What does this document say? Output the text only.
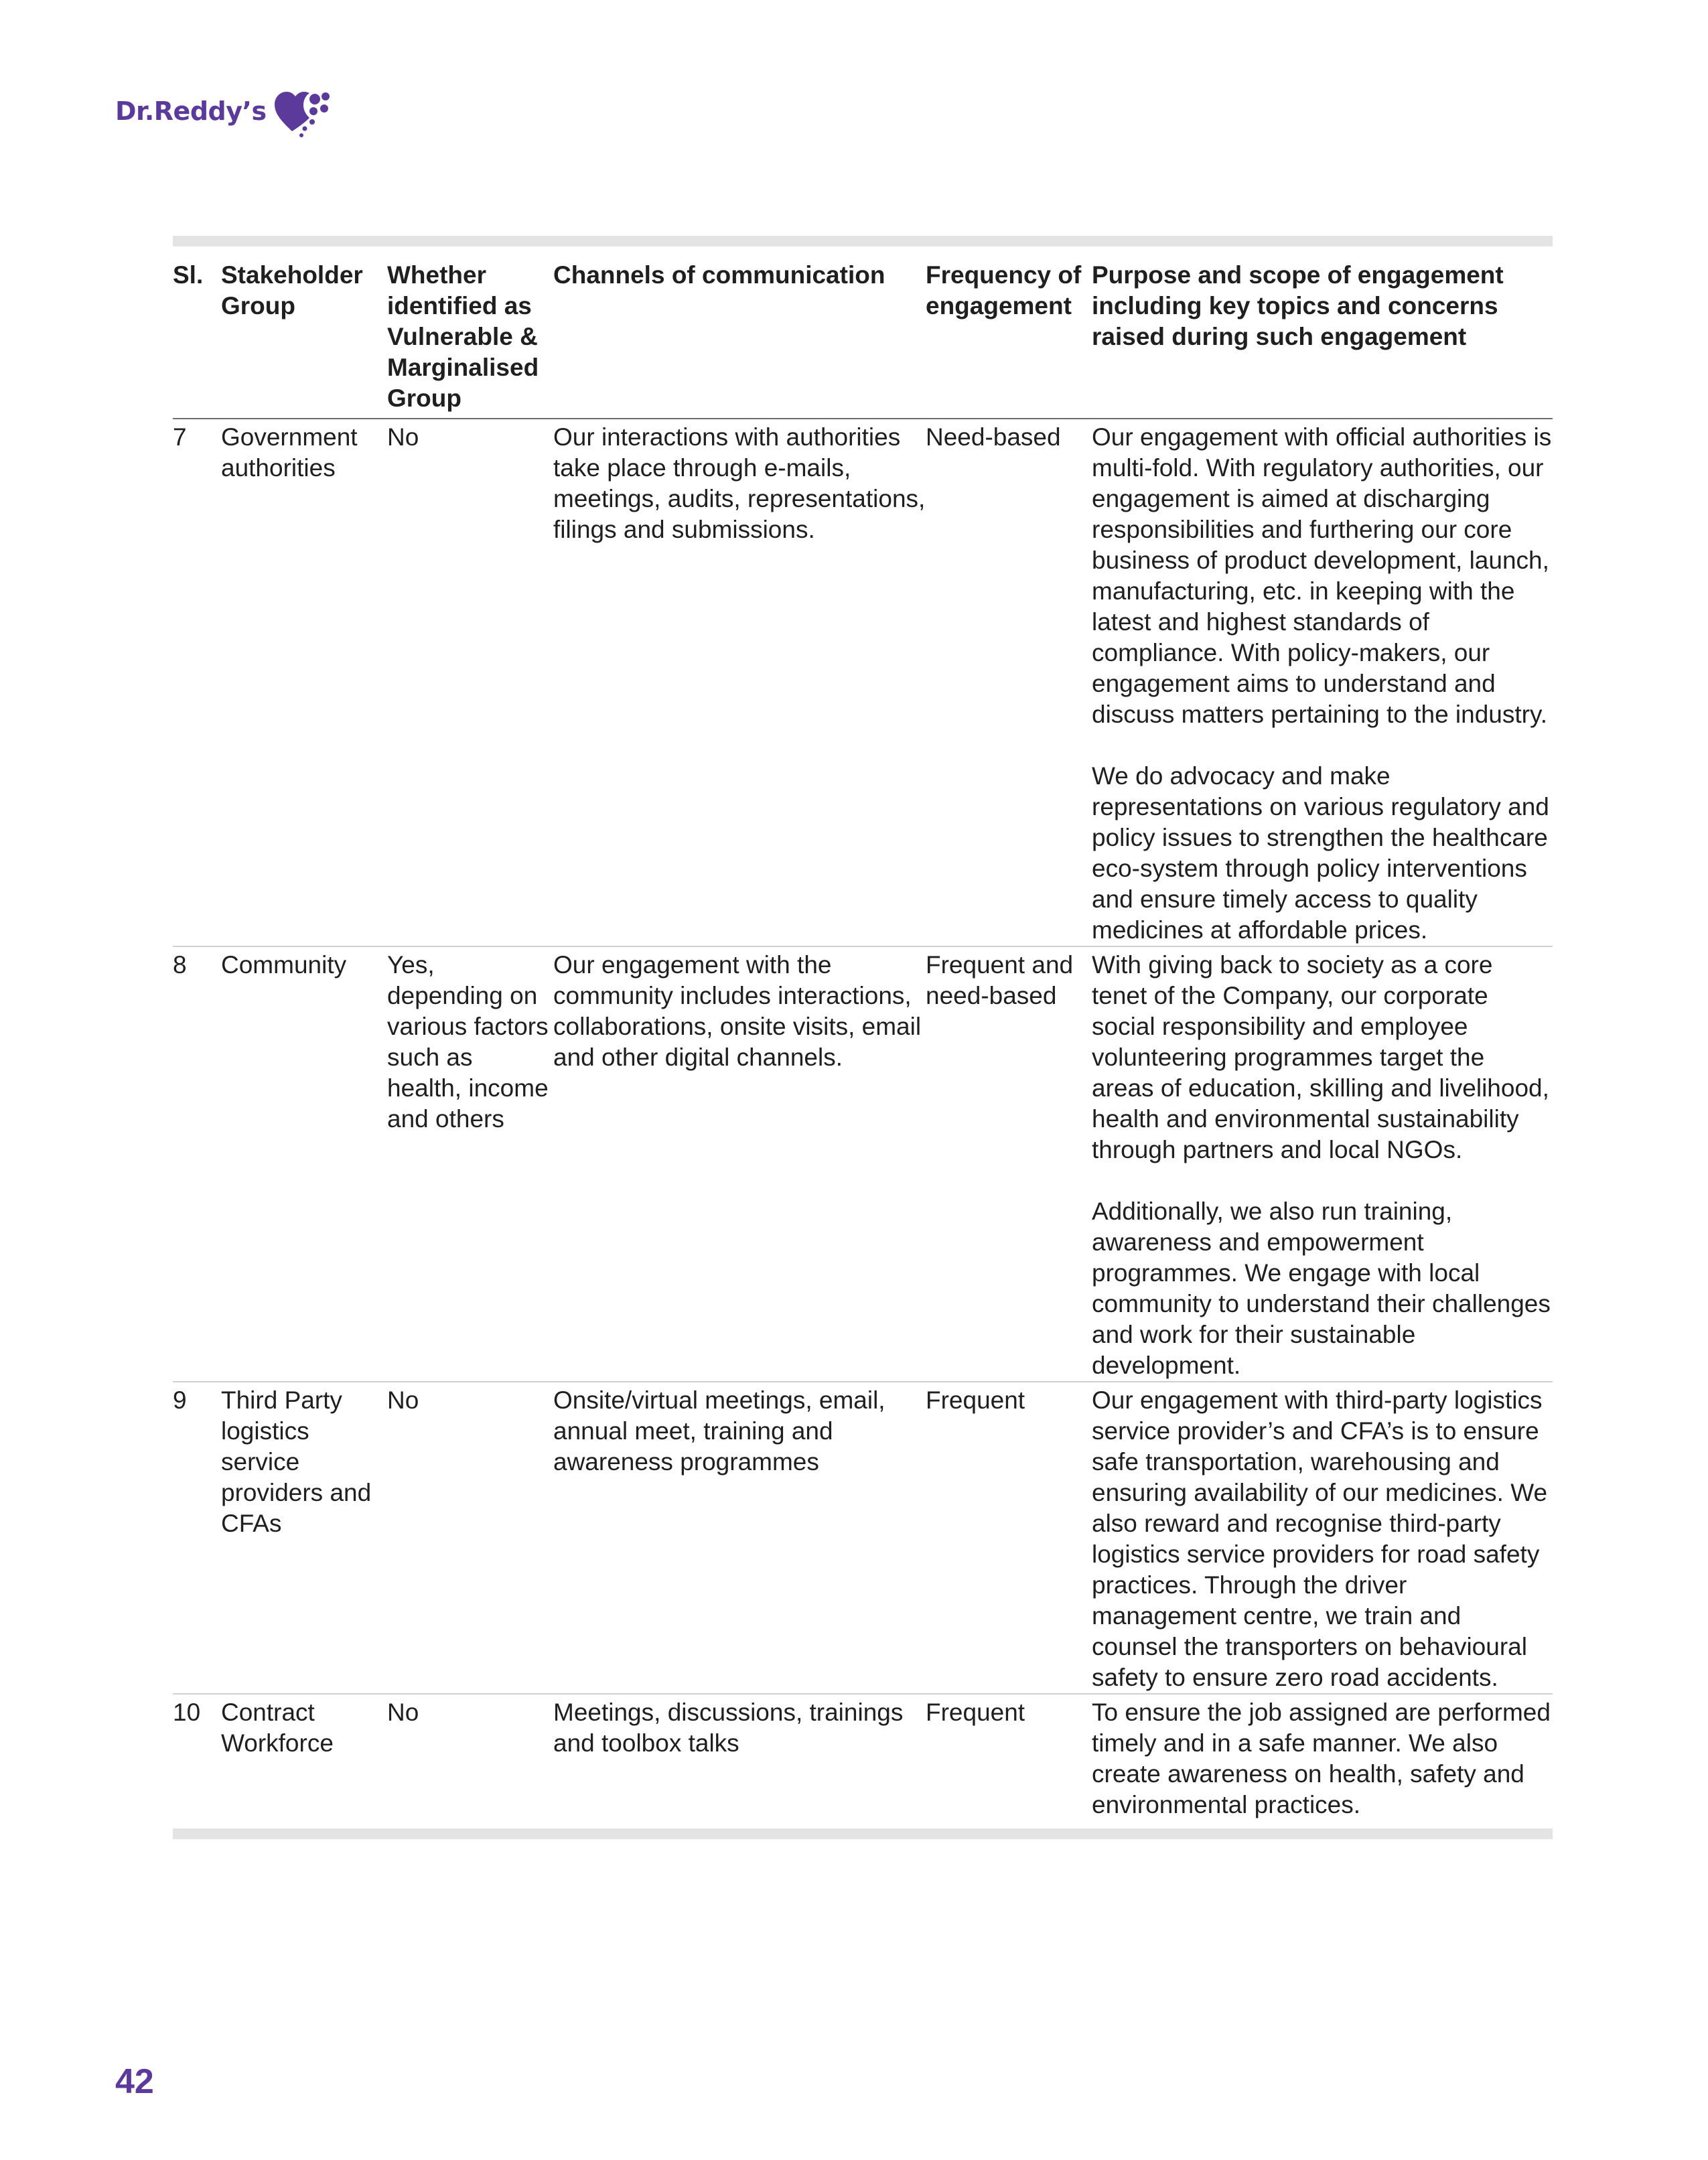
Dr.Reddy’s
Sl.	Stakeholder Group	Whether identified as Vulnerable & Marginalised Group	Channels of communication	Frequency of engagement	Purpose and scope of engagement including key topics and concerns raised during such engagement
7	Government authorities	No	Our interactions with authorities take place through e-mails, meetings, audits, representations, filings and submissions.	Need-based	Our engagement with official authorities is multi-fold. With regulatory authorities, our engagement is aimed at discharging responsibilities and furthering our core business of product development, launch, manufacturing, etc. in keeping with the latest and highest standards of compliance. With policy-makers, our engagement aims to understand and discuss matters pertaining to the industry.

We do advocacy and make representations on various regulatory and policy issues to strengthen the healthcare eco-system through policy interventions and ensure timely access to quality medicines at affordable prices.

8	Community	Yes, depending on various factors such as health, income and others	Our engagement with the community includes interactions, collaborations, onsite visits, email and other digital channels.	Frequent and need-based	With giving back to society as a core tenet of the Company, our corporate social responsibility and employee volunteering programmes target the areas of education, skilling and livelihood, health and environmental sustainability through partners and local NGOs.

Additionally, we also run training, awareness and empowerment programmes. We engage with local community to understand their challenges and work for their sustainable development.

9	Third Party logistics service providers and CFAs	No	Onsite/virtual meetings, email, annual meet, training and awareness programmes	Frequent	Our engagement with third-party logistics service provider’s and CFA’s is to ensure safe transportation, warehousing and ensuring availability of our medicines. We also reward and recognise third-party logistics service providers for road safety practices. Through the driver management centre, we train and counsel the transporters on behavioural safety to ensure zero road accidents.

10	Contract Workforce	No	Meetings, discussions, trainings and toolbox talks	Frequent	To ensure the job assigned are performed timely and in a safe manner. We also create awareness on health, safety and environmental practices.

42
